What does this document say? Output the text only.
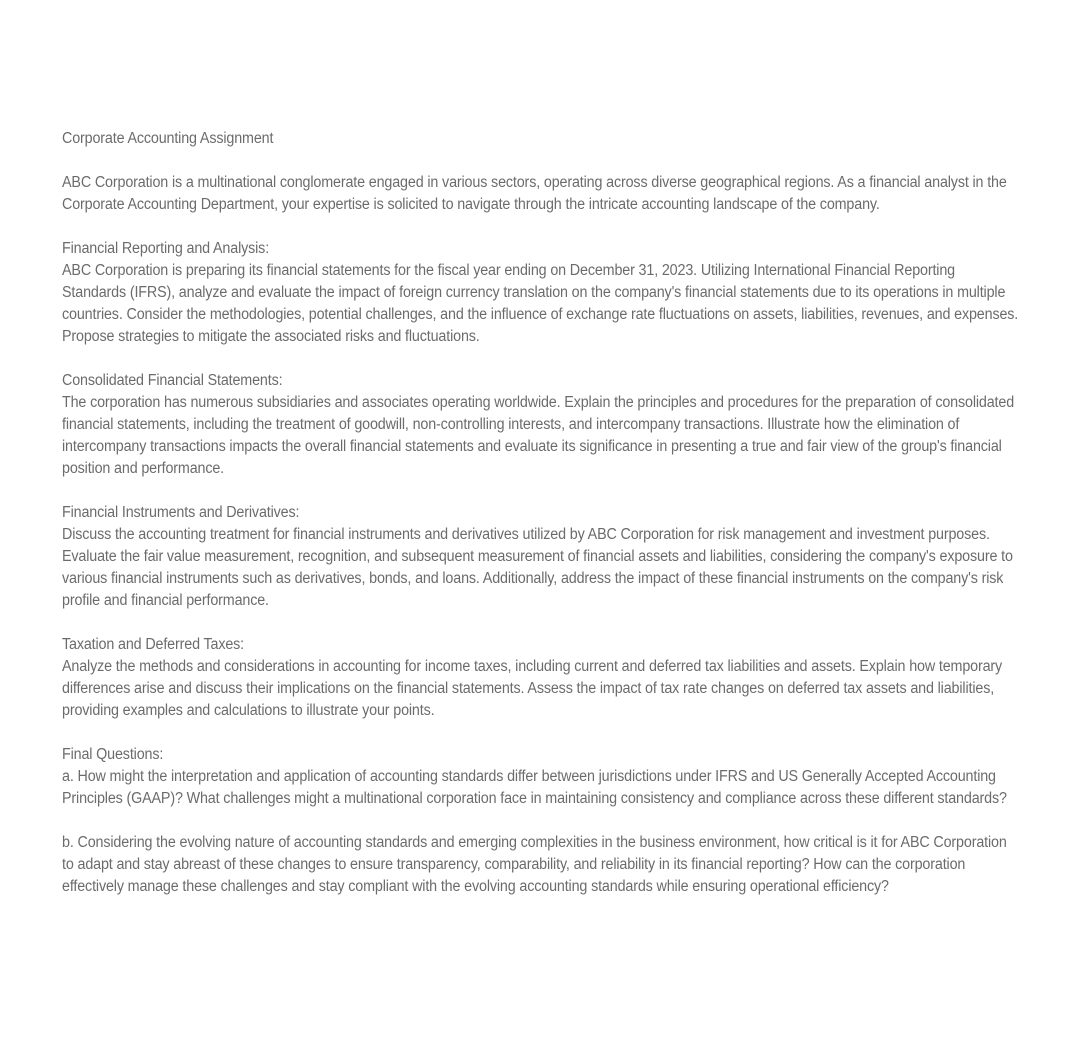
Corporate Accounting Assignment

ABC Corporation is a multinational conglomerate engaged in various sectors, operating across diverse geographical regions. As a financial analyst in the Corporate Accounting Department, your expertise is solicited to navigate through the intricate accounting landscape of the company.

Financial Reporting and Analysis:

ABC Corporation is preparing its financial statements for the fiscal year ending on December 31, 2023. Utilizing International Financial Reporting Standards (IFRS), analyze and evaluate the impact of foreign currency translation on the company's financial statements due to its operations in multiple countries. Consider the methodologies, potential challenges, and the influence of exchange rate fluctuations on assets, liabilities, revenues, and expenses. Propose strategies to mitigate the associated risks and fluctuations.

Consolidated Financial Statements:

The corporation has numerous subsidiaries and associates operating worldwide. Explain the principles and procedures for the preparation of consolidated financial statements, including the treatment of goodwill, non-controlling interests, and intercompany transactions. Illustrate how the elimination of intercompany transactions impacts the overall financial statements and evaluate its significance in presenting a true and fair view of the group's financial position and performance.

Financial Instruments and Derivatives:

Discuss the accounting treatment for financial instruments and derivatives utilized by ABC Corporation for risk management and investment purposes. Evaluate the fair value measurement, recognition, and subsequent measurement of financial assets and liabilities, considering the company's exposure to various financial instruments such as derivatives, bonds, and loans. Additionally, address the impact of these financial instruments on the company's risk profile and financial performance.

Taxation and Deferred Taxes:

Analyze the methods and considerations in accounting for income taxes, including current and deferred tax liabilities and assets. Explain how temporary differences arise and discuss their implications on the financial statements. Assess the impact of tax rate changes on deferred tax assets and liabilities, providing examples and calculations to illustrate your points.

Final Questions:

a. How might the interpretation and application of accounting standards differ between jurisdictions under IFRS and US Generally Accepted Accounting Principles (GAAP)? What challenges might a multinational corporation face in maintaining consistency and compliance across these different standards?

b. Considering the evolving nature of accounting standards and emerging complexities in the business environment, how critical is it for ABC Corporation to adapt and stay abreast of these changes to ensure transparency, comparability, and reliability in its financial reporting? How can the corporation effectively manage these challenges and stay compliant with the evolving accounting standards while ensuring operational efficiency?
